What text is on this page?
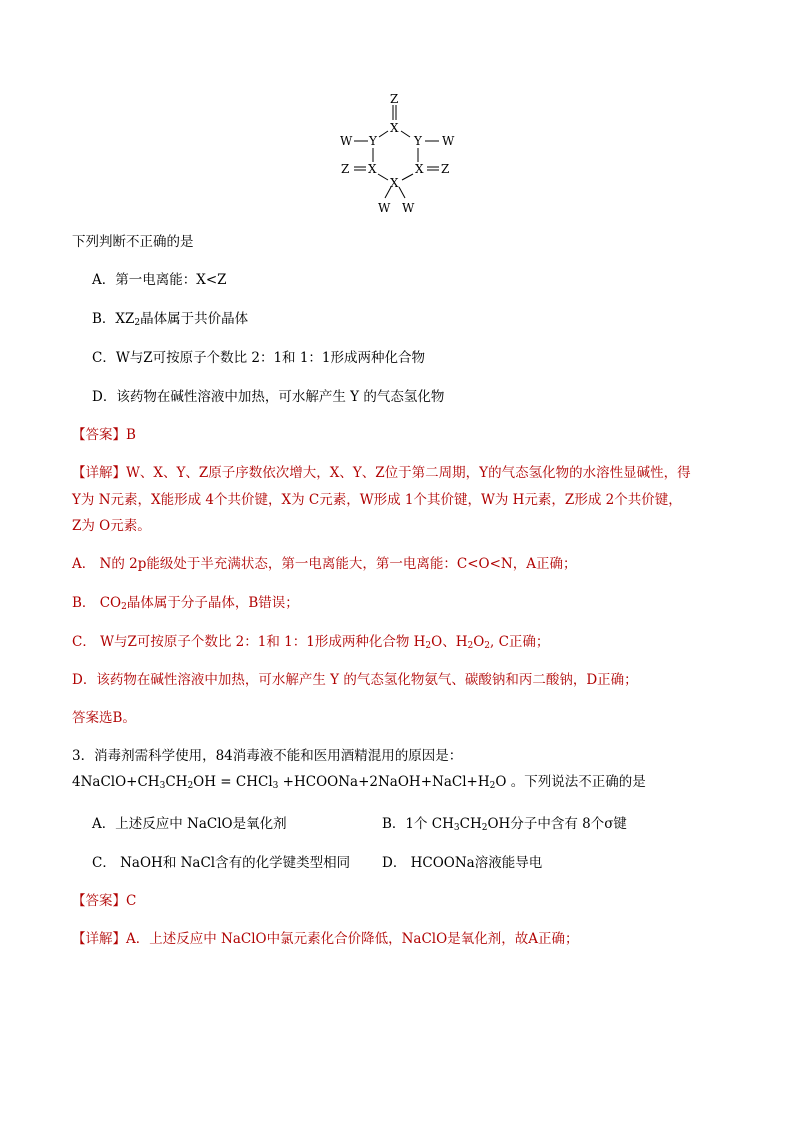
Z
X
W Y	Y W
Z X	X Z
X
W W
下列判断不正确的是
A．第一电离能：X<Z
B．$XZ_2$晶体属于共价晶体
C．W与Z可按原子个数比 2：1和 1：1形成两种化合物
D．该药物在碱性溶液中加热，可水解产生 Y 的气态氢化物
【答案】B
【详解】W、X、Y、Z原子序数依次增大，X、Y、Z位于第二周期，Y的气态氢化物的水溶性显碱性，得
Y为 N元素，X能形成 4个共价键，X为 C元素，W形成 1个其价键，W为 H元素，Z形成 2个共价键，
Z为 O元素。
A． N的 2p能级处于半充满状态，第一电离能大，第一电离能：C<O<N，A正确；
B． $CO_2$晶体属于分子晶体，B错误；
C． W与Z可按原子个数比 2：1和 1：1形成两种化合物 $H_2O$、$H_2O_2$, C正确；
D．该药物在碱性溶液中加热，可水解产生 Y 的气态氢化物氨气、碳酸钠和丙二酸钠，D正确；
答案选B。
3．消毒剂需科学使用，84消毒液不能和医用酒精混用的原因是：
$4NaClO+CH_3CH_2OH$ = CHCl$_3$ $+HCOONa+2NaOH+NaCl+H_2O$ 。下列说法不正确的是
A．上述反应中 NaClO是氧化剂	B．1个 $CH_3CH_2OH$分子中含有 8个σ键
C． NaOH和 NaCl含有的化学键类型相同 D． HCOONa溶液能导电
【答案】C
【详解】A．上述反应中 NaClO中氯元素化合价降低，NaClO是氧化剂，故A正确；
